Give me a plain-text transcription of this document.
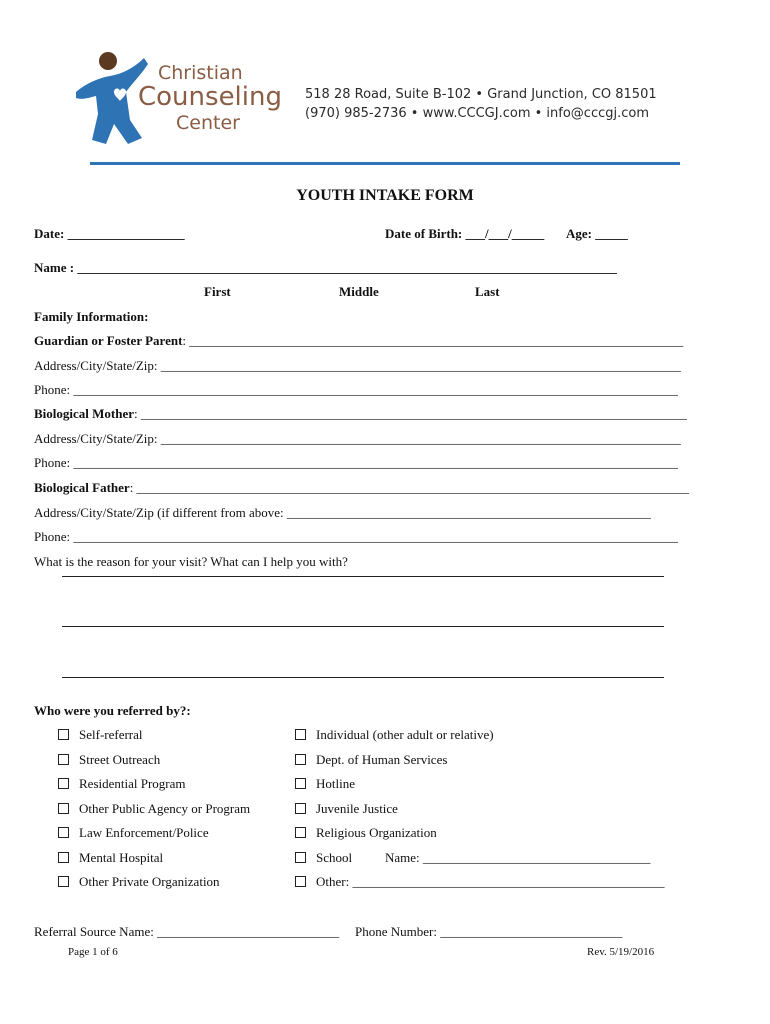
Christian
Counseling
Center
518 28 Road, Suite B-102 • Grand Junction, CO 81501
(970) 985-2736 • www.CCCGJ.com • info@cccgj.com
YOUTH INTAKE FORM
Date: __________________	Date of Birth: ___/___/_____ Age: _____
Name : ___________________________________________________________________________________
First	Middle	Last
Family Information:
Guardian or Foster Parent: ____________________________________________________________________________
Address/City/State/Zip: ________________________________________________________________________________
Phone: _____________________________________________________________________________________________
Biological Mother: ____________________________________________________________________________________
Address/City/State/Zip: ________________________________________________________________________________
Phone: _____________________________________________________________________________________________
Biological Father: _____________________________________________________________________________________
Address/City/State/Zip (if different from above: ________________________________________________________
Phone: _____________________________________________________________________________________________
What is the reason for your visit? What can I help you with?
Who were you referred by?:
Self-referral
Street Outreach
Residential Program
Other Public Agency or Program
Law Enforcement/Police
Mental Hospital
Other Private Organization
Individual (other adult or relative)
Dept. of Human Services
Hotline
Juvenile Justice
Religious Organization
School	Name: ___________________________________
Other: ________________________________________________
Referral Source Name: ____________________________ Phone Number: ____________________________
Page 1 of 6	Rev. 5/19/2016
